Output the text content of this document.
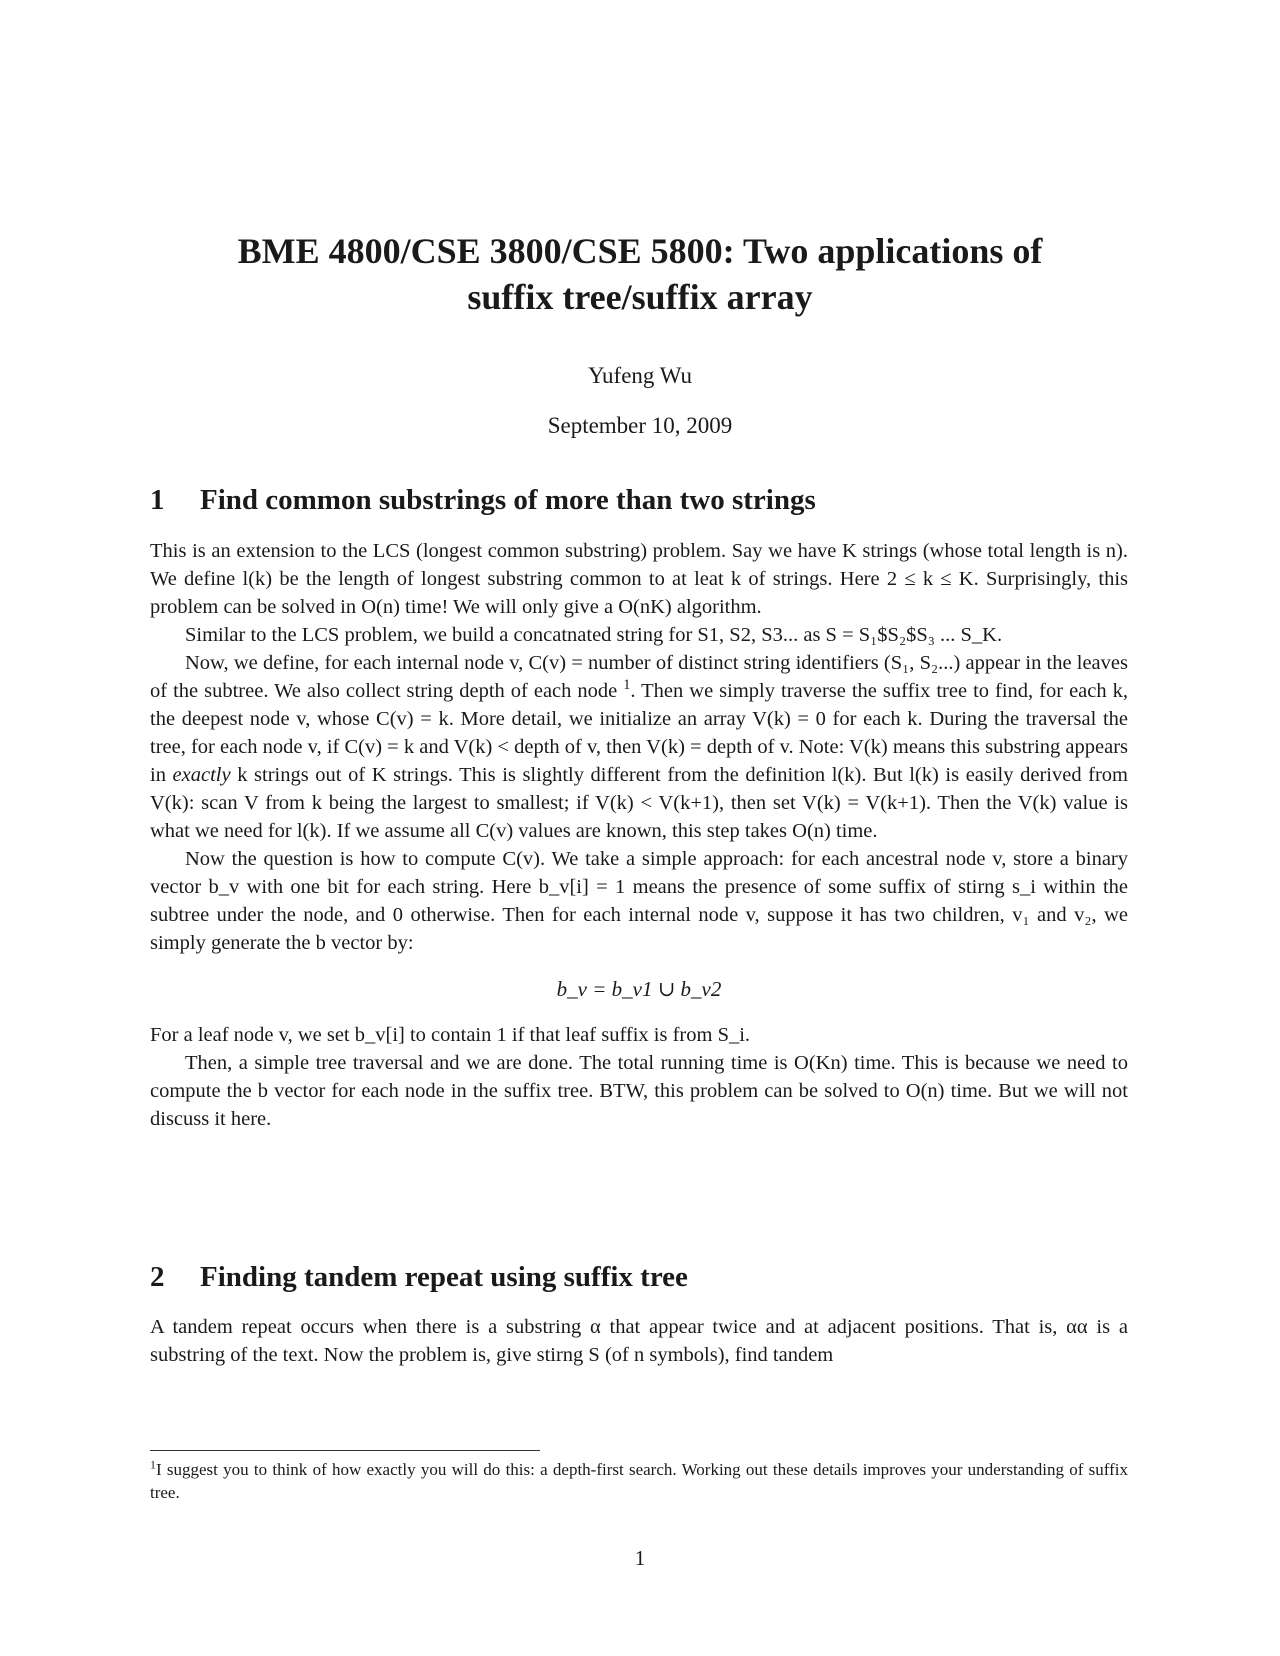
BME 4800/CSE 3800/CSE 5800: Two applications of
suffix tree/suffix array
Yufeng Wu
September 10, 2009
1 Find common substrings of more than two strings

This is an extension to the LCS (longest common substring) problem. Say we have K strings (whose total length is n). We define l(k) be the length of longest substring common to at leat k of strings. Here 2 ≤ k ≤ K. Surprisingly, this problem can be solved in O(n) time! We will only give a O(nK) algorithm.

Similar to the LCS problem, we build a concatnated string for S1, S2, S3... as S = S₁$S₂$S₃ ... S_K.

Now, we define, for each internal node v, C(v) = number of distinct string identifiers (S₁, S₂...) appear in the leaves of the subtree. We also collect string depth of each node $^1$. Then we simply traverse the suffix tree to find, for each k, the deepest node v, whose C(v) = k. More detail, we initialize an array V(k) = 0 for each k. During the traversal the tree, for each node v, if C(v) = k and V(k) < depth of v, then V(k) = depth of v. Note: V(k) means this substring appears in exactly k strings out of K strings. This is slightly different from the definition l(k). But l(k) is easily derived from V(k): scan V from k being the largest to smallest; if V(k) < V(k+1), then set V(k) = V(k+1). Then the V(k) value is what we need for l(k). If we assume all C(v) values are known, this step takes O(n) time.

Now the question is how to compute C(v). We take a simple approach: for each ancestral node v, store a binary vector b_v with one bit for each string. Here b_v[i] = 1 means the presence of some suffix of stirng s_i within the subtree under the node, and 0 otherwise. Then for each internal node v, suppose it has two children, v₁ and v₂, we simply generate the b vector by:

b_v = b_v1 ∪ b_v2

For a leaf node v, we set b_v[i] to contain 1 if that leaf suffix is from S_i.

Then, a simple tree traversal and we are done. The total running time is O(Kn) time. This is because we need to compute the b vector for each node in the suffix tree. BTW, this problem can be solved to O(n) time. But we will not discuss it here.

2 Finding tandem repeat using suffix tree

A tandem repeat occurs when there is a substring α that appear twice and at adjacent positions. That is, αα is a substring of the text. Now the problem is, give stirng S (of n symbols), find tandem

$^1$I suggest you to think of how exactly you will do this: a depth-first search. Working out these details improves your understanding of suffix tree.
1
